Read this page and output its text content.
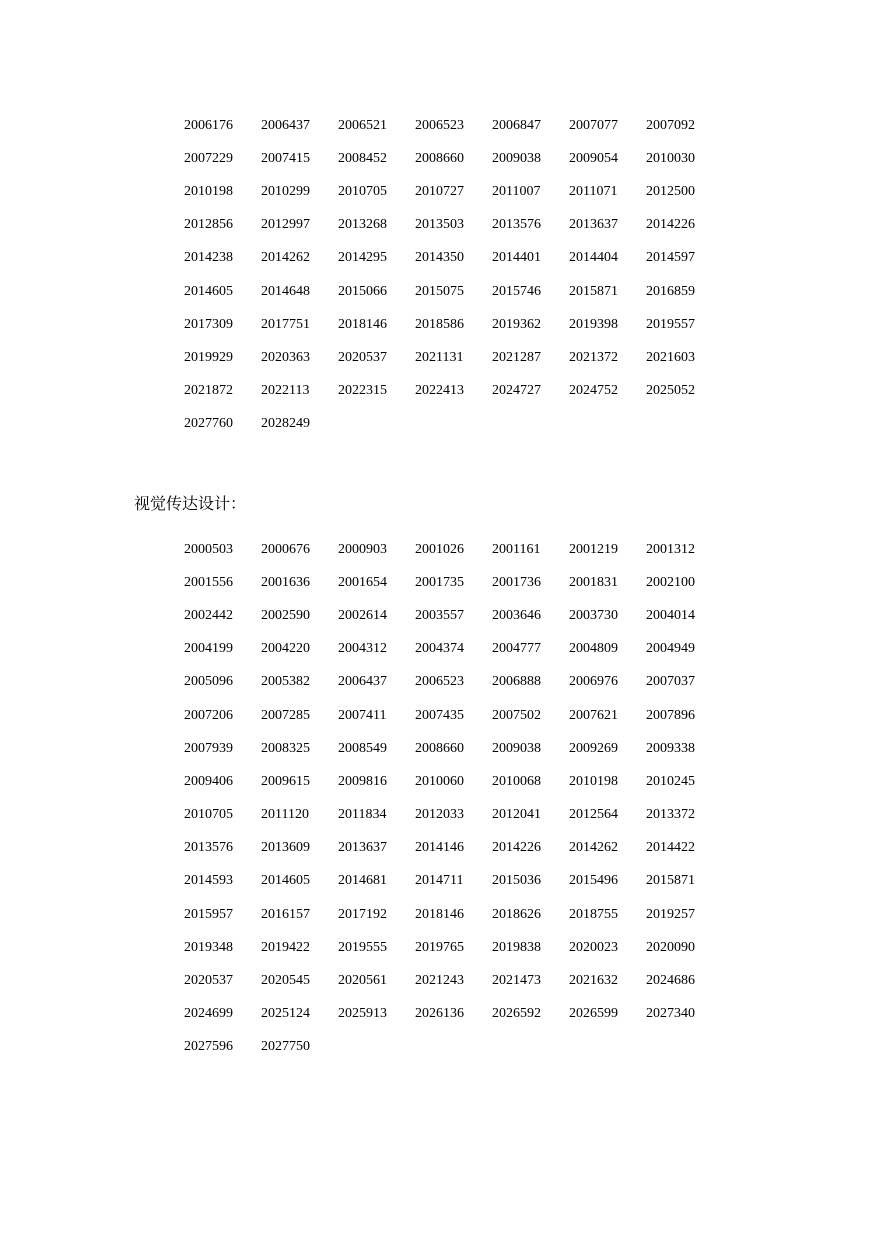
2006176	2006437	2006521	2006523	2006847	2007077	2007092
2007229	2007415	2008452	2008660	2009038	2009054	2010030
2010198	2010299	2010705	2010727	2011007	2011071	2012500
2012856	2012997	2013268	2013503	2013576	2013637	2014226
2014238	2014262	2014295	2014350	2014401	2014404	2014597
2014605	2014648	2015066	2015075	2015746	2015871	2016859
2017309	2017751	2018146	2018586	2019362	2019398	2019557
2019929	2020363	2020537	2021131	2021287	2021372	2021603
2021872	2022113	2022315	2022413	2024727	2024752	2025052
2027760	2028249
视觉传达设计：
2000503	2000676	2000903	2001026	2001161	2001219	2001312
2001556	2001636	2001654	2001735	2001736	2001831	2002100
2002442	2002590	2002614	2003557	2003646	2003730	2004014
2004199	2004220	2004312	2004374	2004777	2004809	2004949
2005096	2005382	2006437	2006523	2006888	2006976	2007037
2007206	2007285	2007411	2007435	2007502	2007621	2007896
2007939	2008325	2008549	2008660	2009038	2009269	2009338
2009406	2009615	2009816	2010060	2010068	2010198	2010245
2010705	2011120	2011834	2012033	2012041	2012564	2013372
2013576	2013609	2013637	2014146	2014226	2014262	2014422
2014593	2014605	2014681	2014711	2015036	2015496	2015871
2015957	2016157	2017192	2018146	2018626	2018755	2019257
2019348	2019422	2019555	2019765	2019838	2020023	2020090
2020537	2020545	2020561	2021243	2021473	2021632	2024686
2024699	2025124	2025913	2026136	2026592	2026599	2027340
2027596	2027750
